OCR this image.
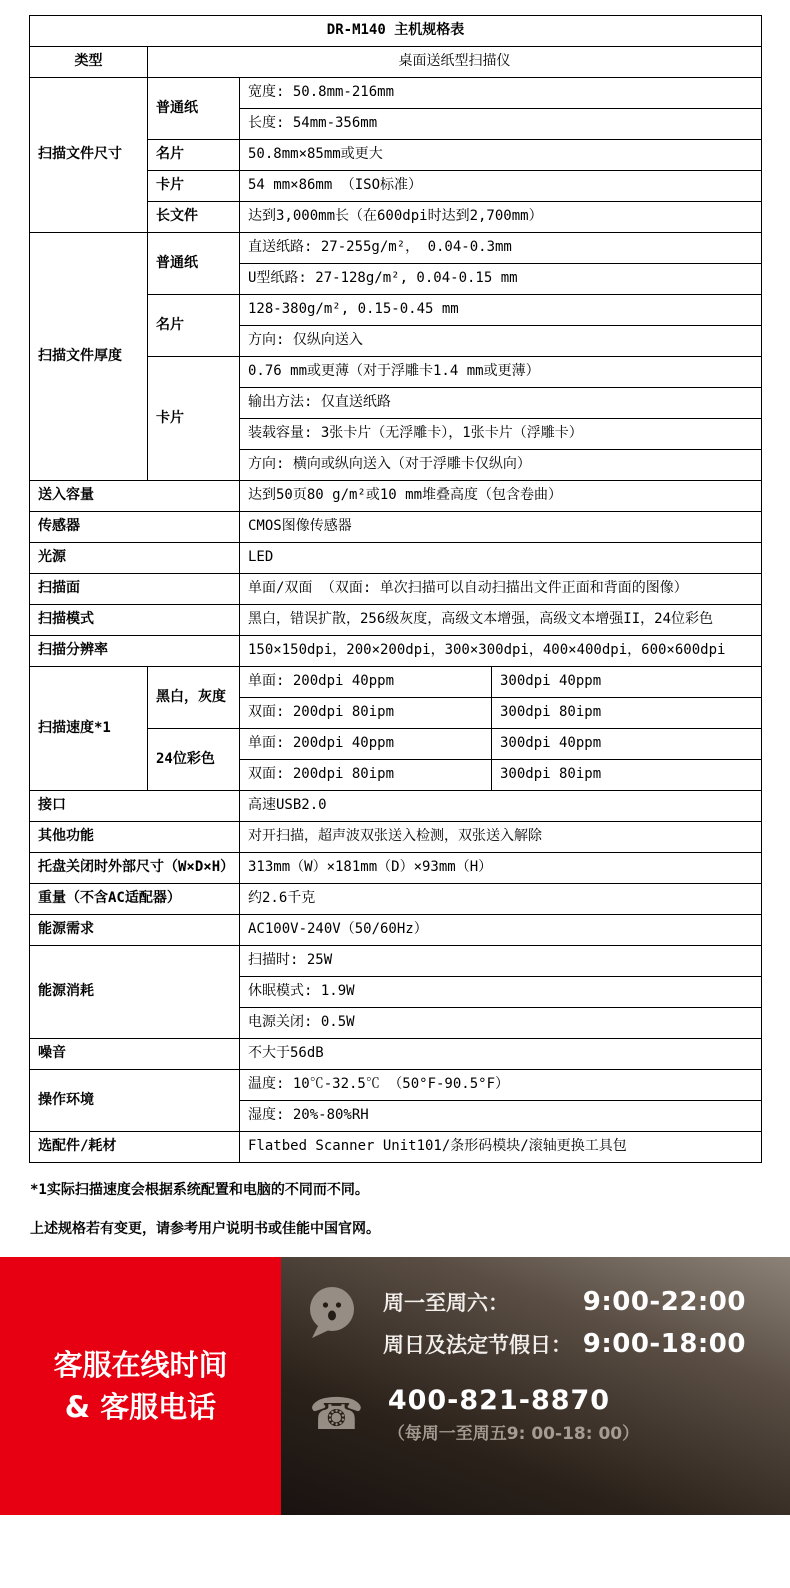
DR-M140 主机规格表			
类型	桌面送纸型扫描仪		
扫描文件尺寸	普通纸	宽度: 50.8mm-216mm	
		长度: 54mm-356mm	
	名片	50.8mm×85mm或更大	
	卡片	54 mm×86mm （ISO标准）	
	长文件	达到3,000mm长（在600dpi时达到2,700mm）	
扫描文件厚度	普通纸	直送纸路: 27-255g/m²， 0.04-0.3mm	
		U型纸路: 27-128g/m², 0.04-0.15 mm	
	名片	128-380g/m², 0.15-0.45 mm	
		方向: 仅纵向送入	
	卡片	0.76 mm或更薄（对于浮雕卡1.4 mm或更薄）	
		输出方法: 仅直送纸路	
		装载容量: 3张卡片（无浮雕卡），1张卡片（浮雕卡）	
		方向: 横向或纵向送入（对于浮雕卡仅纵向）	
送入容量		达到50页80 g/m²或10 mm堆叠高度（包含卷曲）	
传感器		CMOS图像传感器	
光源		LED	
扫描面		单面/双面 （双面: 单次扫描可以自动扫描出文件正面和背面的图像）	
扫描模式		黑白，错误扩散，256级灰度，高级文本增强，高级文本增强II，24位彩色	
扫描分辨率		150×150dpi，200×200dpi，300×300dpi，400×400dpi，600×600dpi	
扫描速度*1	黑白，灰度	单面: 200dpi 40ppm	300dpi 40ppm
		双面: 200dpi 80ipm	300dpi 80ipm
	24位彩色	单面: 200dpi 40ppm	300dpi 40ppm
		双面: 200dpi 80ipm	300dpi 80ipm
接口		高速USB2.0	
其他功能		对开扫描，超声波双张送入检测，双张送入解除	
托盘关闭时外部尺寸（W×D×H）		313mm（W）×181mm（D）×93mm（H）	
重量（不含AC适配器）		约2.6千克	
能源需求		AC100V-240V（50/60Hz）	
能源消耗		扫描时: 25W	
		休眠模式: 1.9W	
		电源关闭: 0.5W	
噪音		不大于56dB	
操作环境		温度: 10℃-32.5℃ （50°F-90.5°F）	
		湿度: 20%-80%RH	
选配件/耗材		Flatbed Scanner Unit101/条形码模块/滚轴更换工具包	
*1实际扫描速度会根据系统配置和电脑的不同而不同。
上述规格若有变更，请参考用户说明书或佳能中国官网。
客服在线时间
& 客服电话
周一至周六：	9:00-22:00
周日及法定节假日： 9:00-18:00
☎ 400-821-8870
（每周一至周五9: 00-18: 00）
